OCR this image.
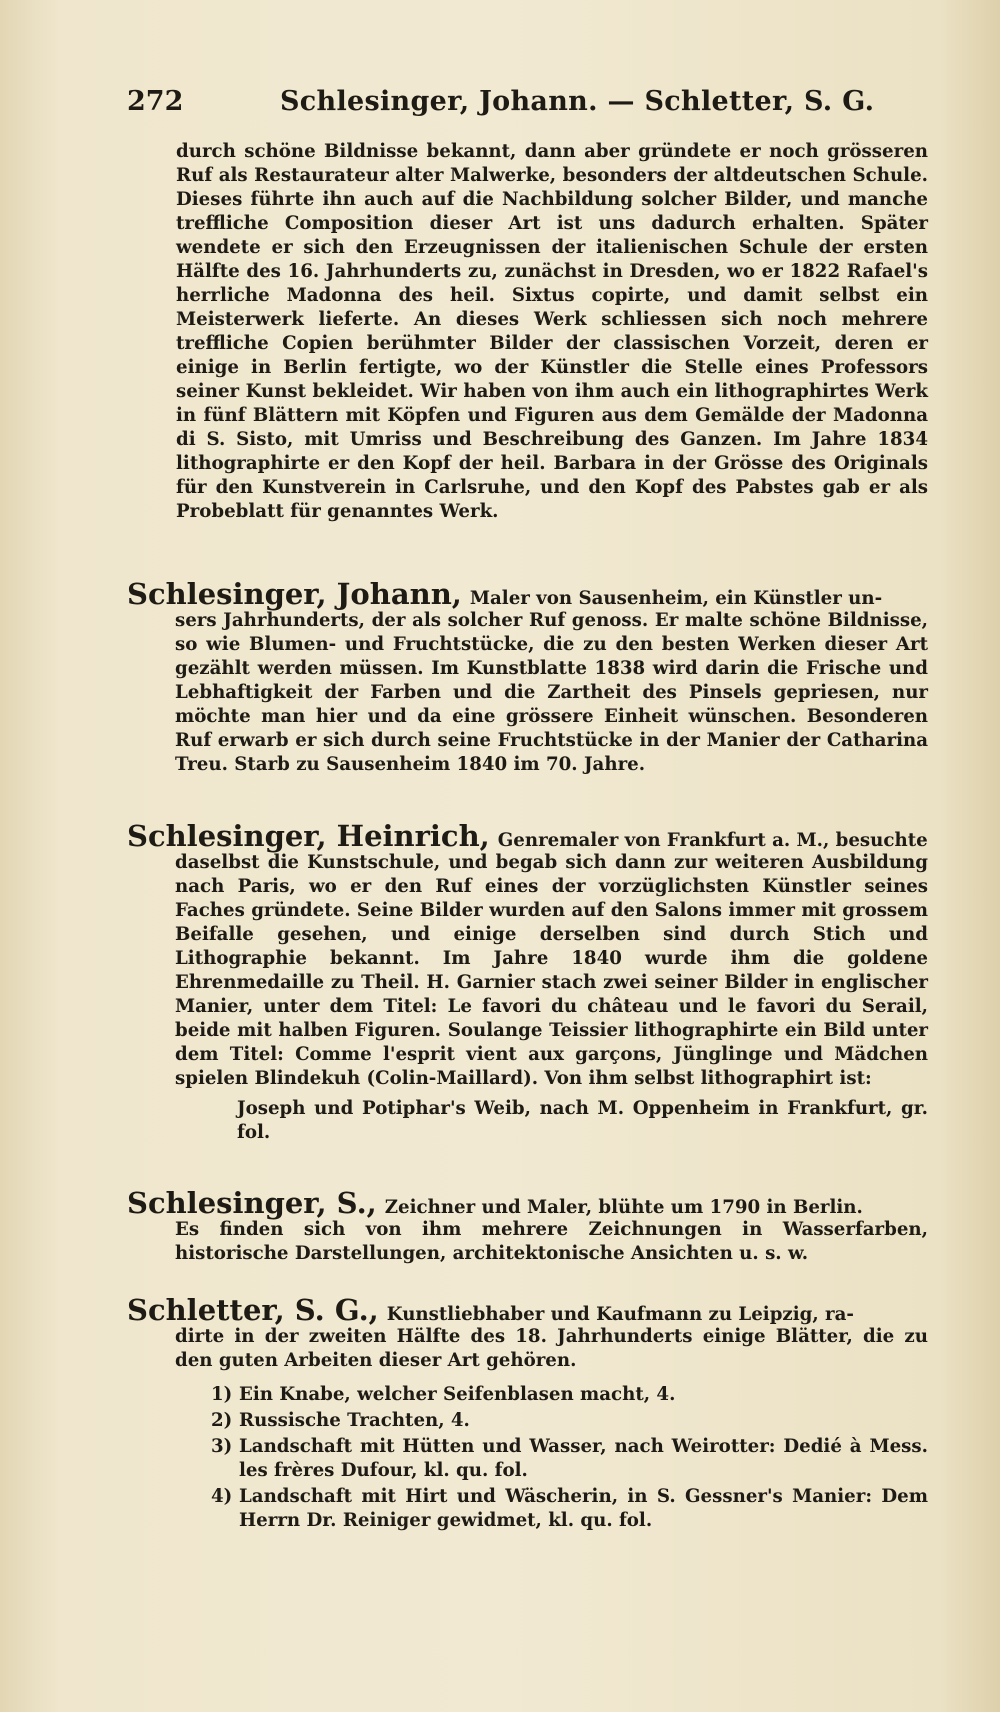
272	Schlesinger, Johann. — Schletter, S. G.
durch schöne Bildnisse bekannt, dann aber gründete er noch grösseren Ruf als Restaurateur alter Malwerke, besonders der altdeutschen Schule. Dieses führte ihn auch auf die Nachbildung solcher Bilder, und manche treffliche Composition dieser Art ist uns dadurch erhalten. Später wendete er sich den Erzeugnissen der italienischen Schule der ersten Hälfte des 16. Jahrhunderts zu, zunächst in Dresden, wo er 1822 Rafael's herrliche Madonna des heil. Sixtus copirte, und damit selbst ein Meisterwerk lieferte. An dieses Werk schliessen sich noch mehrere treffliche Copien berühmter Bilder der classischen Vorzeit, deren er einige in Berlin fertigte, wo der Künstler die Stelle eines Professors seiner Kunst bekleidet. Wir haben von ihm auch ein lithographirtes Werk in fünf Blättern mit Köpfen und Figuren aus dem Gemälde der Madonna di S. Sisto, mit Umriss und Beschreibung des Ganzen. Im Jahre 1834 lithographirte er den Kopf der heil. Barbara in der Grösse des Originals für den Kunstverein in Carlsruhe, und den Kopf des Pabstes gab er als Probeblatt für genanntes Werk.
Schlesinger, Johann, Maler von Sausenheim, ein Künstler un-
sers Jahrhunderts, der als solcher Ruf genoss. Er malte schöne Bildnisse, so wie Blumen- und Fruchtstücke, die zu den besten Werken dieser Art gezählt werden müssen. Im Kunstblatte 1838 wird darin die Frische und Lebhaftigkeit der Farben und die Zartheit des Pinsels gepriesen, nur möchte man hier und da eine grössere Einheit wünschen. Besonderen Ruf erwarb er sich durch seine Fruchtstücke in der Manier der Catharina Treu. Starb zu Sausenheim 1840 im 70. Jahre.
Schlesinger, Heinrich, Genremaler von Frankfurt a. M., besuchte
daselbst die Kunstschule, und begab sich dann zur weiteren Ausbildung nach Paris, wo er den Ruf eines der vorzüglichsten Künstler seines Faches gründete. Seine Bilder wurden auf den Salons immer mit grossem Beifalle gesehen, und einige derselben sind durch Stich und Lithographie bekannt. Im Jahre 1840 wurde ihm die goldene Ehrenmedaille zu Theil. H. Garnier stach zwei seiner Bilder in englischer Manier, unter dem Titel: Le favori du château und le favori du Serail, beide mit halben Figuren. Soulange Teissier lithographirte ein Bild unter dem Titel: Comme l'esprit vient aux garçons, Jünglinge und Mädchen spielen Blindekuh (Colin-Maillard). Von ihm selbst lithographirt ist:
Joseph und Potiphar's Weib, nach M. Oppenheim in Frankfurt, gr. fol.
Schlesinger, S., Zeichner und Maler, blühte um 1790 in Berlin.
Es finden sich von ihm mehrere Zeichnungen in Wasserfarben, historische Darstellungen, architektonische Ansichten u. s. w.
Schletter, S. G., Kunstliebhaber und Kaufmann zu Leipzig, ra-
dirte in der zweiten Hälfte des 18. Jahrhunderts einige Blätter, die zu den guten Arbeiten dieser Art gehören.
1) Ein Knabe, welcher Seifenblasen macht, 4.
2) Russische Trachten, 4.
3) Landschaft mit Hütten und Wasser, nach Weirotter: Dedié à Mess. les frères Dufour, kl. qu. fol.
4) Landschaft mit Hirt und Wäscherin, in S. Gessner's Manier: Dem Herrn Dr. Reiniger gewidmet, kl. qu. fol.
